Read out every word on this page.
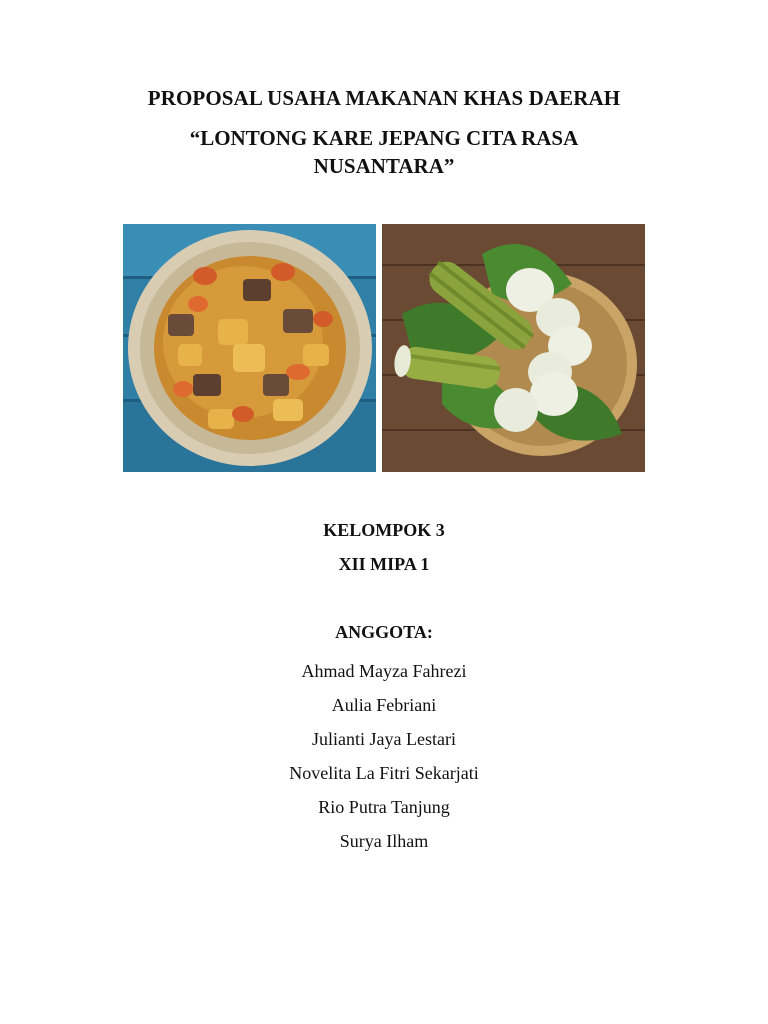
PROPOSAL USAHA MAKANAN KHAS DAERAH
“LONTONG KARE JEPANG CITA RASA
NUSANTARA”
KELOMPOK 3
XII MIPA 1
ANGGOTA:
Ahmad Mayza Fahrezi
Aulia Febriani
Julianti Jaya Lestari
Novelita La Fitri Sekarjati
Rio Putra Tanjung
Surya Ilham
